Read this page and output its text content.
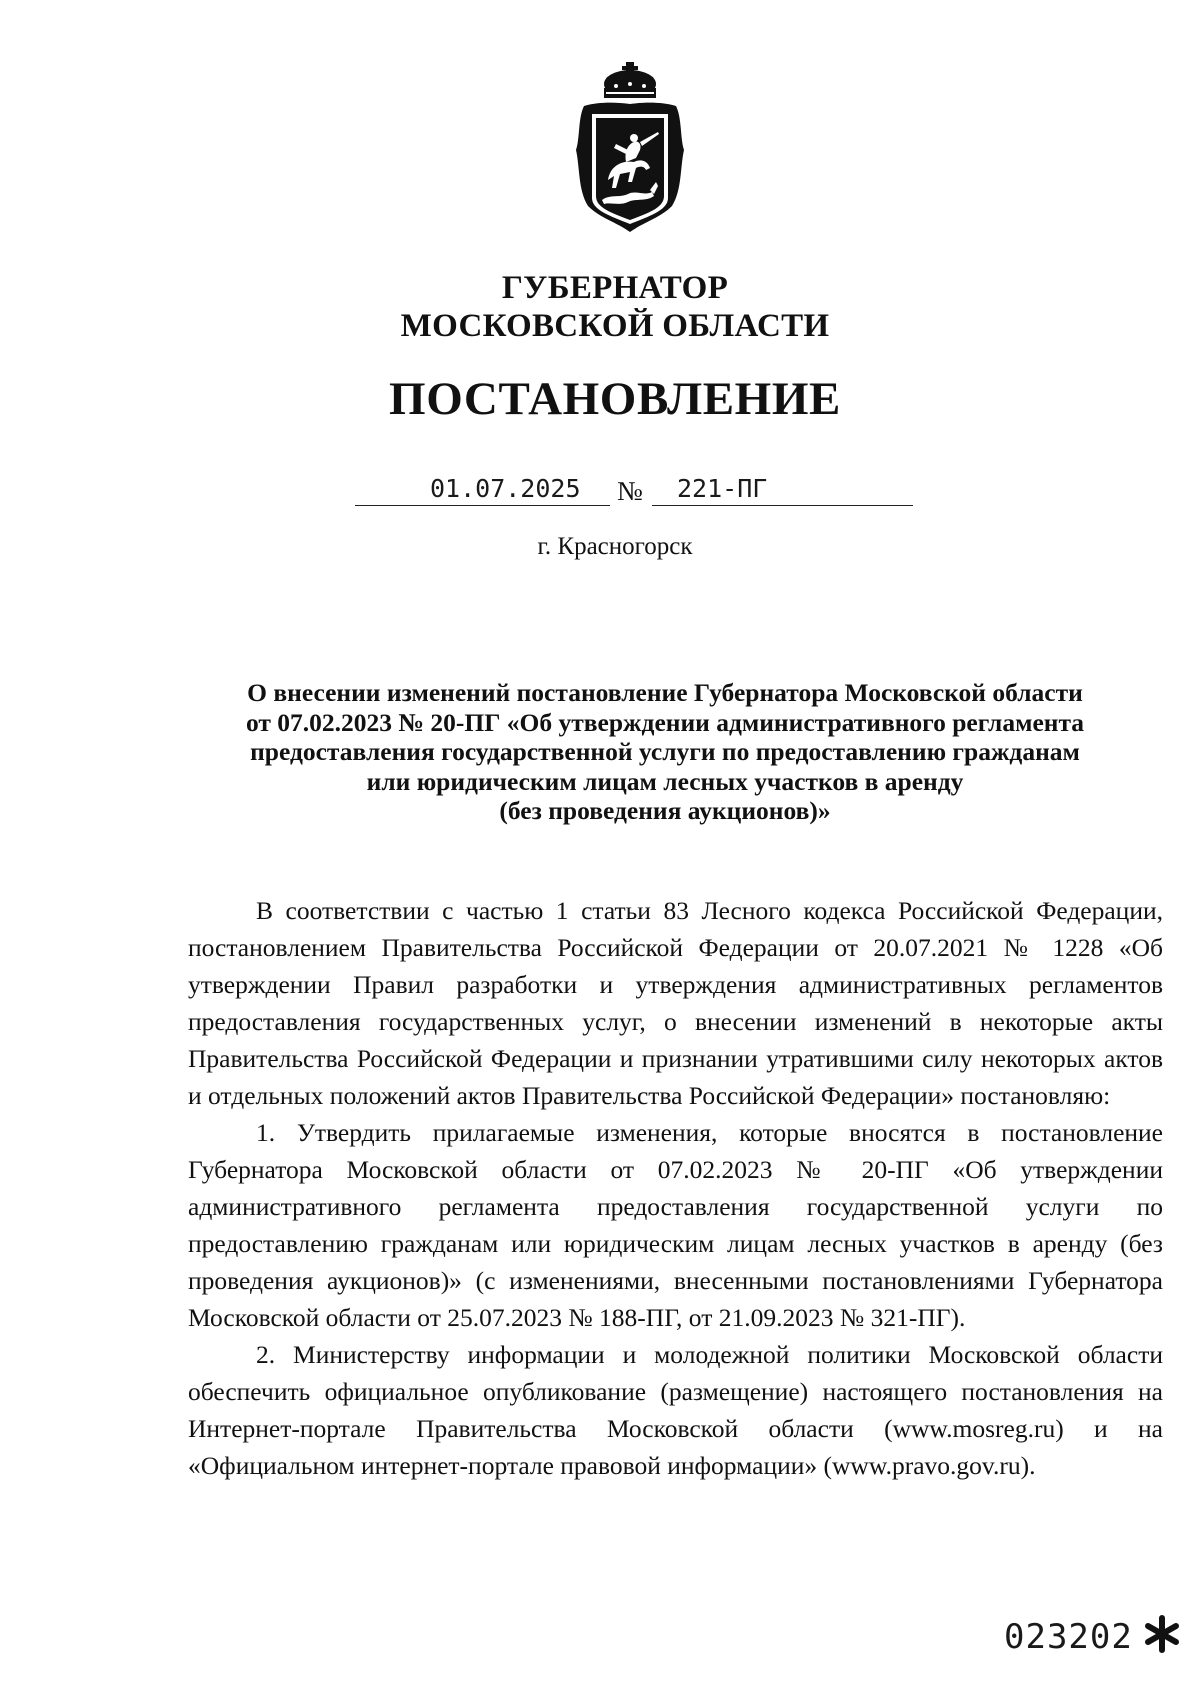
ГУБЕРНАТОР
МОСКОВСКОЙ ОБЛАСТИ
ПОСТАНОВЛЕНИЕ
01.07.2025 № 221-ПГ
г. Красногорск
О внесении изменений постановление Губернатора Московской области
от 07.02.2023 № 20-ПГ «Об утверждении административного регламента
предоставления государственной услуги по предоставлению гражданам
или юридическим лицам лесных участков в аренду
(без проведения аукционов)»

В соответствии с частью 1 статьи 83 Лесного кодекса Российской Федерации, постановлением Правительства Российской Федерации от 20.07.2021 № 1228 «Об утверждении Правил разработки и утверждения административных регламентов предоставления государственных услуг, о внесении изменений в некоторые акты Правительства Российской Федерации и признании утратившими силу некоторых актов и отдельных положений актов Правительства Российской Федерации» постановляю:

1. Утвердить прилагаемые изменения, которые вносятся в постановление Губернатора Московской области от 07.02.2023 № 20-ПГ «Об утверждении административного регламента предоставления государственной услуги по предоставлению гражданам или юридическим лицам лесных участков в аренду (без проведения аукционов)» (с изменениями, внесенными постановлениями Губернатора Московской области от 25.07.2023 № 188-ПГ, от 21.09.2023 № 321-ПГ).

2. Министерству информации и молодежной политики Московской области обеспечить официальное опубликование (размещение) настоящего постановления на Интернет-портале Правительства Московской области (www.mosreg.ru) и на «Официальном интернет-портале правовой информации» (www.pravo.gov.ru).

023202
